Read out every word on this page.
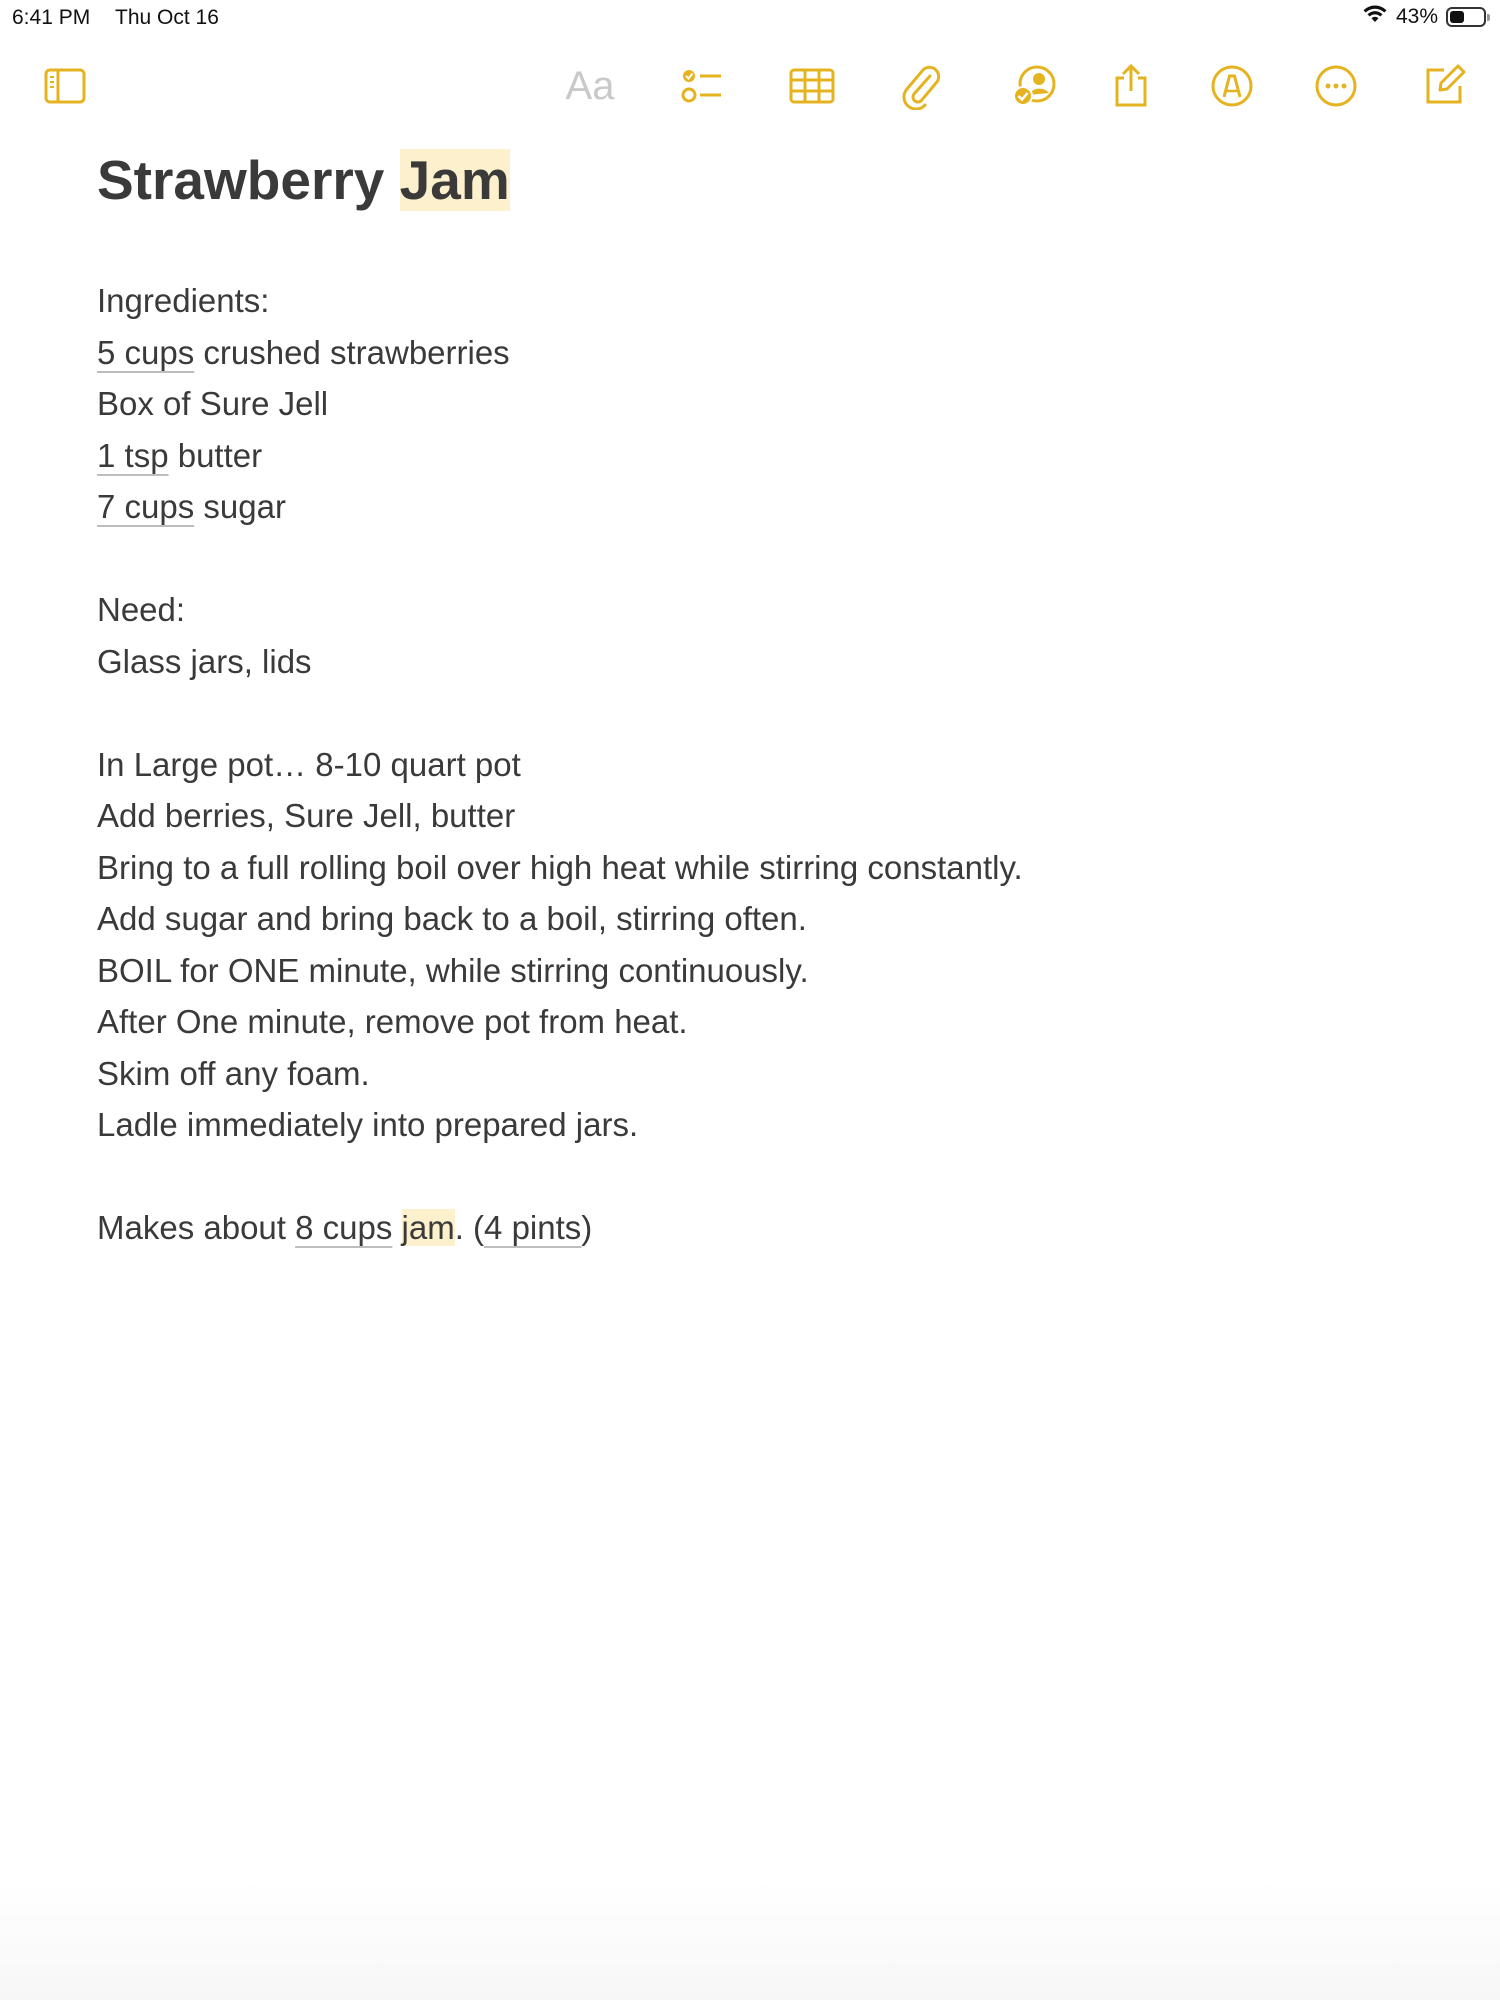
6:41 PM Thu Oct 16	43%
Aa
Strawberry Jam
Ingredients:
5 cups crushed strawberries
Box of Sure Jell
1 tsp butter
7 cups sugar
Need:
Glass jars, lids
In Large pot… 8-10 quart pot
Add berries, Sure Jell, butter
Bring to a full rolling boil over high heat while stirring constantly.
Add sugar and bring back to a boil, stirring often.
BOIL for ONE minute, while stirring continuously.
After One minute, remove pot from heat.
Skim off any foam.
Ladle immediately into prepared jars.
Makes about 8 cups jam. (4 pints)
